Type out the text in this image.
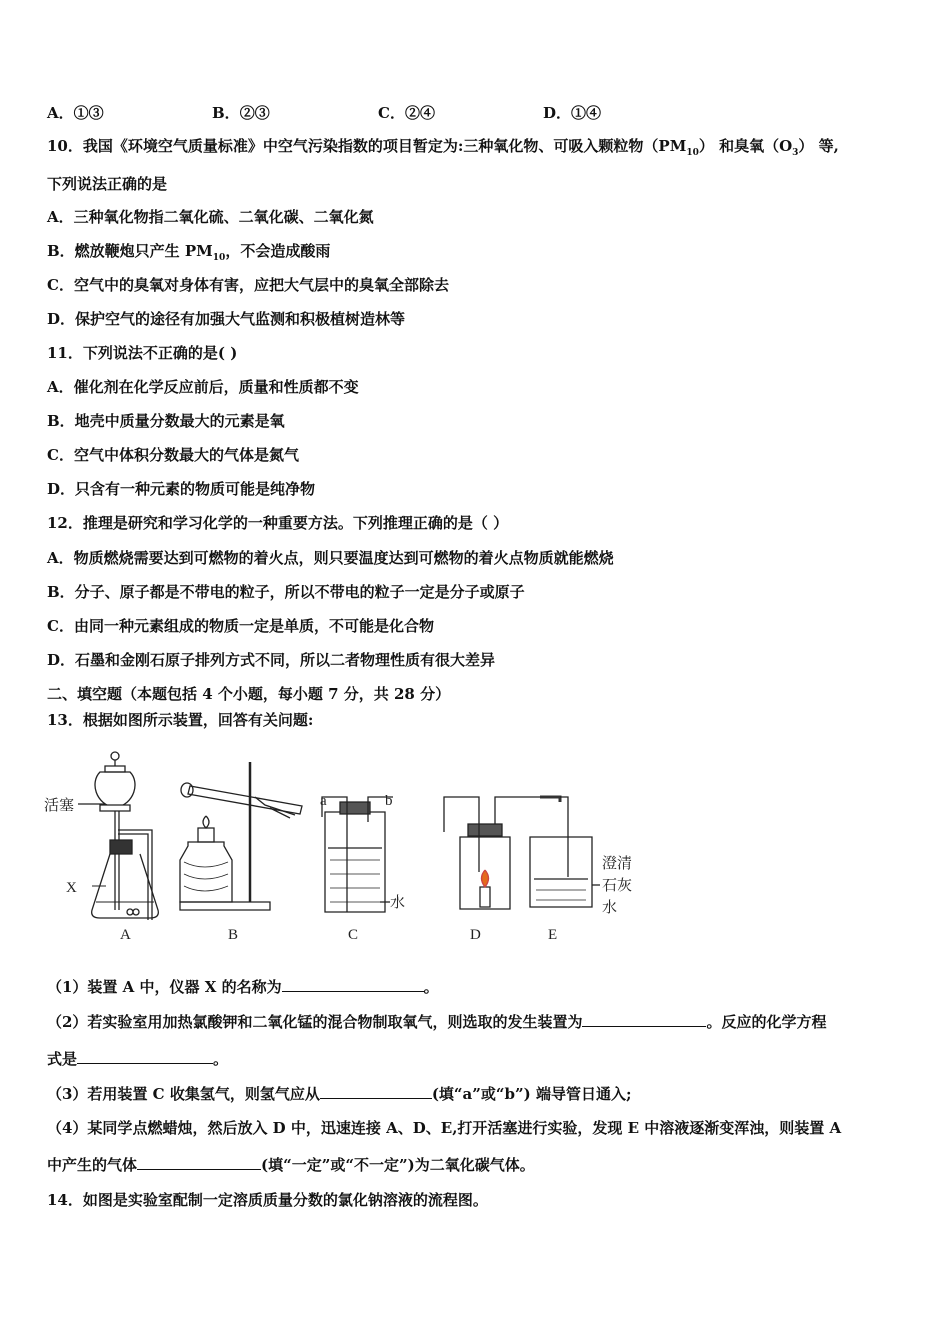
A．①③	B．②③	C．②④	D．①④
10．我国《环境空气质量标准》中空气污染指数的项目暂定为:三种氧化物、可吸入颗粒物$(PM_{10})$ 和臭氧$(O_3)$ 等,
下列说法正确的是
A．三种氧化物指二氧化硫、二氧化碳、二氧化氮
B．燃放鞭炮只产生 $PM_{10}$，不会造成酸雨
C．空气中的臭氧对身体有害，应把大气层中的臭氧全部除去
D．保护空气的途径有加强大气监测和积极植树造林等
11．下列说法不正确的是( )
A．催化剂在化学反应前后，质量和性质都不变
B．地壳中质量分数最大的元素是氧
C．空气中体积分数最大的气体是氮气
D．只含有一种元素的物质可能是纯净物
12．推理是研究和学习化学的一种重要方法。下列推理正确的是（ ）
A．物质燃烧需要达到可燃物的着火点，则只要温度达到可燃物的着火点物质就能燃烧
B．分子、原子都是不带电的粒子，所以不带电的粒子一定是分子或原子
C．由同一种元素组成的物质一定是单质，不可能是化合物
D．石墨和金刚石原子排列方式不同，所以二者物理性质有很大差异
二、填空题（本题包括 4 个小题，每小题 7 分，共 28 分）
13．根据如图所示装置，回答有关问题:
活塞
X
a	b
水
澄清
石灰
水
A	B	C	D	E
（1）装置 A 中，仪器 X 的名称为	。
（2）若实验室用加热氯酸钾和二氧化锰的混合物制取氧气，则选取的发生装置为	。反应的化学方程
式是	。
（3）若用装置 C 收集氢气，则氢气应从	(填“a”或“b”) 端导管日通入;
（4）某同学点燃蜡烛，然后放入 D 中，迅速连接 A、D、E,打开活塞进行实验，发现 E 中溶液逐渐变浑浊，则装置 A
中产生的气体	(填“一定”或“不一定”)为二氧化碳气体。
14．如图是实验室配制一定溶质质量分数的氯化钠溶液的流程图。
